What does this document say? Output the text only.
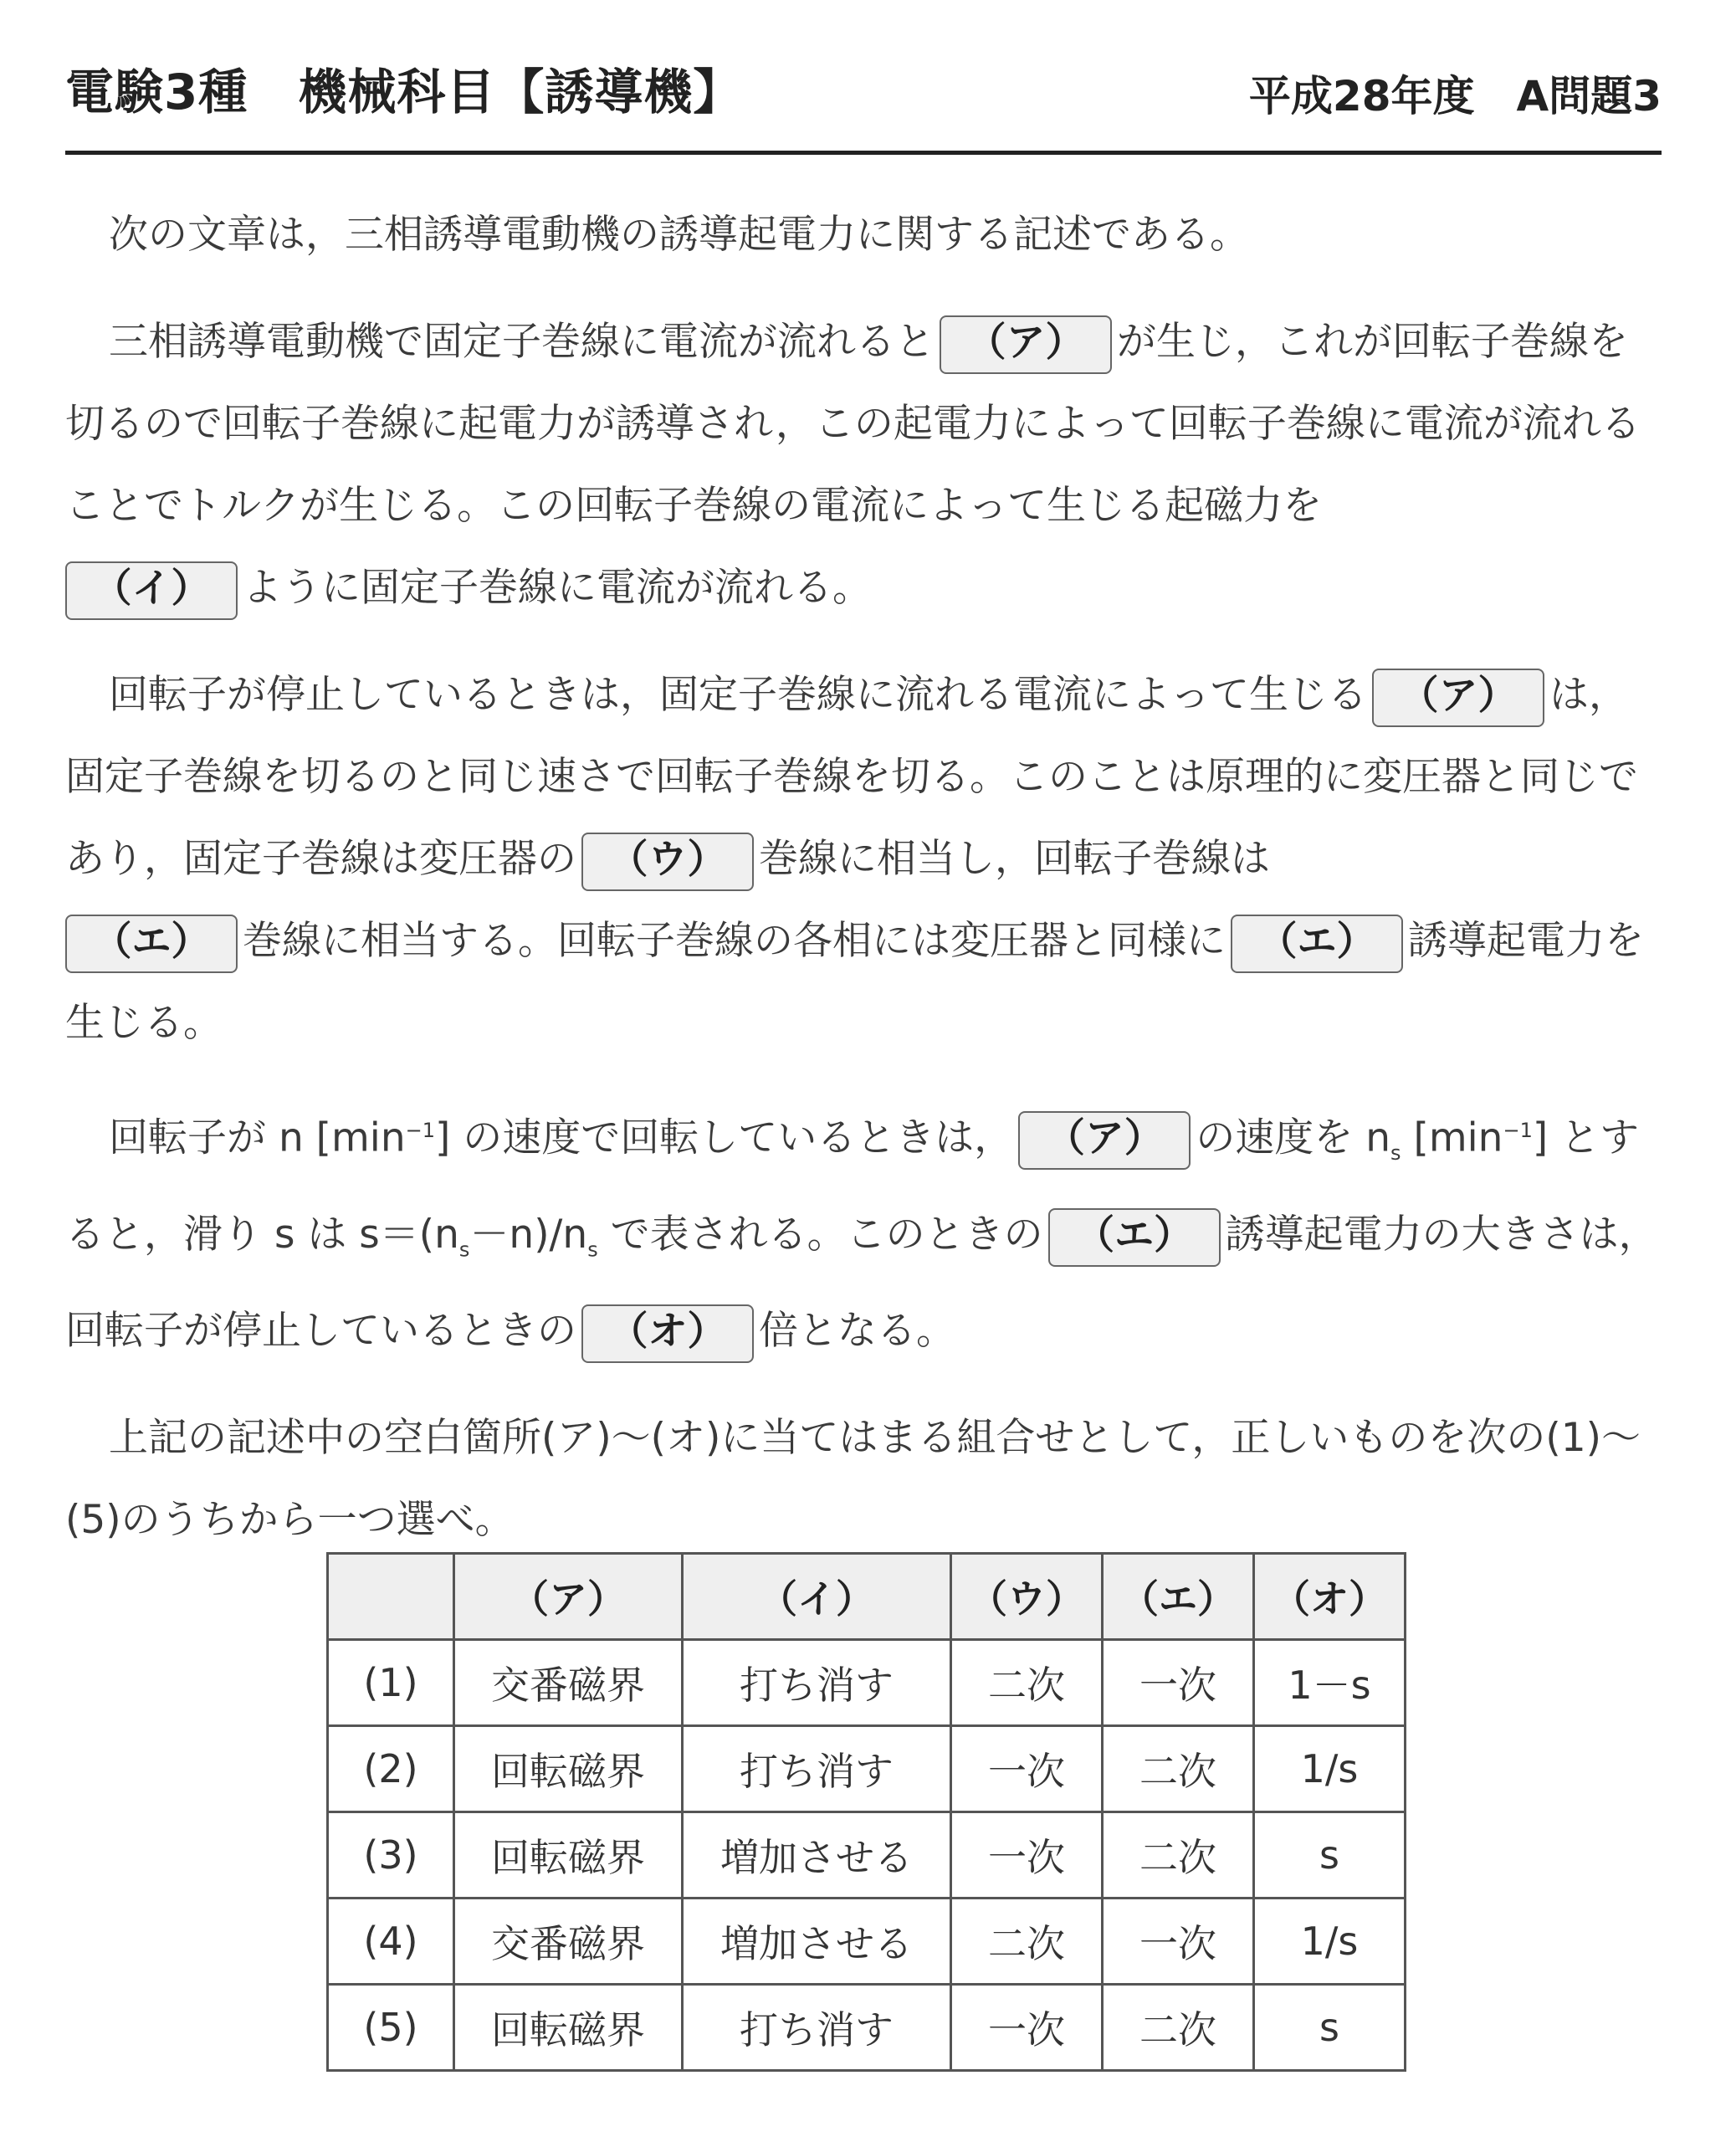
電験3種 機械科目【誘導機】	平成28年度 A問題3

次の文章は，三相誘導電動機の誘導起電力に関する記述である。

三相誘導電動機で固定子巻線に電流が流れると （ア） が生じ，これが回転子巻線を切るので回転子巻線に起電力が誘導され，この起電力によって回転子巻線に電流が流れることでトルクが生じる。この回転子巻線の電流によって生じる起磁力を
（イ） ように固定子巻線に電流が流れる。

回転子が停止しているときは，固定子巻線に流れる電流によって生じる （ア） は，固定子巻線を切るのと同じ速さで回転子巻線を切る。このことは原理的に変圧器と同じであり，固定子巻線は変圧器の （ウ） 巻線に相当し，回転子巻線は
（エ） 巻線に相当する。回転子巻線の各相には変圧器と同様に （エ） 誘導起電力を生じる。

回転子が n $[\min^{-1}]$ の速度で回転しているときは， （ア） の速度を $n_s$ $[\min^{-1}]$ とすると，滑り s は $s=(n_s-n)/n_s$ で表される。このときの （エ） 誘導起電力の大きさは，回転子が停止しているときの （オ） 倍となる。

上記の記述中の空白箇所(ア)～(オ)に当てはまる組合せとして，正しいものを次の(1)～(5)のうちから一つ選べ。

	（ア）	（イ）	（ウ）	（エ）	（オ）
(1)	交番磁界	打ち消す	二次	一次	1－s
(2)	回転磁界	打ち消す	一次	二次	1/s
(3)	回転磁界	増加させる	一次	二次	s
(4)	交番磁界	増加させる	二次	一次	1/s
(5)	回転磁界	打ち消す	一次	二次	s
